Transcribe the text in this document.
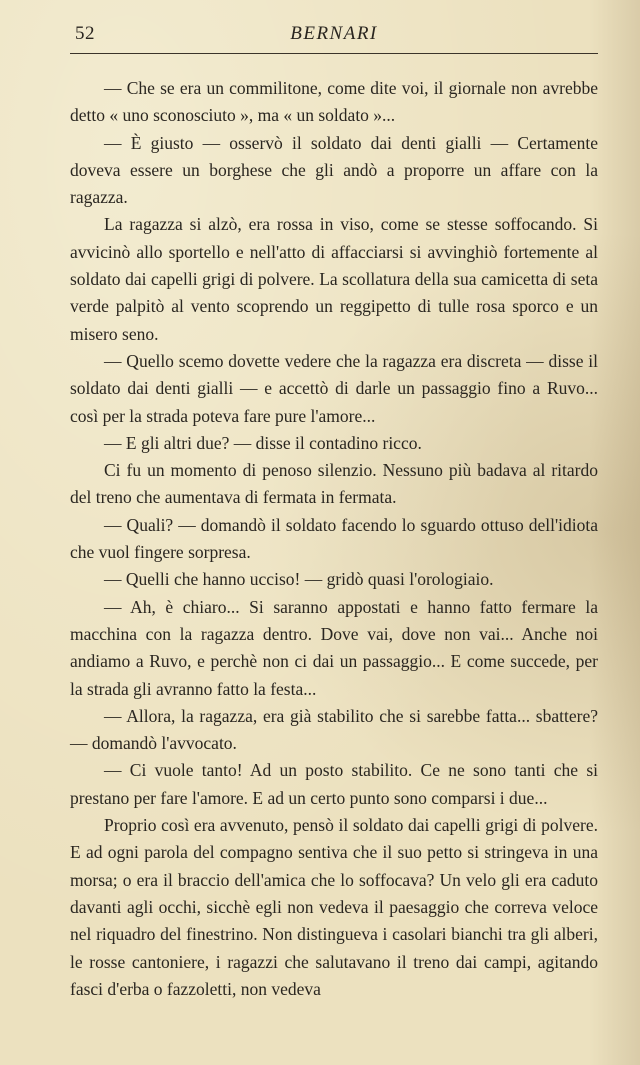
52	BERNARI

— Che se era un commilitone, come dite voi, il giornale non avrebbe detto « uno sconosciuto », ma « un soldato »...

— È giusto — osservò il soldato dai denti gialli — Certamente doveva essere un borghese che gli andò a proporre un affare con la ragazza.

La ragazza si alzò, era rossa in viso, come se stesse soffocando. Si avvicinò allo sportello e nell'atto di affacciarsi si avvinghiò fortemente al soldato dai capelli grigi di polvere. La scollatura della sua camicetta di seta verde palpitò al vento scoprendo un reggipetto di tulle rosa sporco e un misero seno.

— Quello scemo dovette vedere che la ragazza era discreta — disse il soldato dai denti gialli — e accettò di darle un passaggio fino a Ruvo... così per la strada poteva fare pure l'amore...

— E gli altri due? — disse il contadino ricco.

Ci fu un momento di penoso silenzio. Nessuno più badava al ritardo del treno che aumentava di fermata in fermata.

— Quali? — domandò il soldato facendo lo sguardo ottuso dell'idiota che vuol fingere sorpresa.

— Quelli che hanno ucciso! — gridò quasi l'orologiaio.

— Ah, è chiaro... Si saranno appostati e hanno fatto fermare la macchina con la ragazza dentro. Dove vai, dove non vai... Anche noi andiamo a Ruvo, e perchè non ci dai un passaggio... E come succede, per la strada gli avranno fatto la festa...

— Allora, la ragazza, era già stabilito che si sarebbe fatta... sbattere? — domandò l'avvocato.

— Ci vuole tanto! Ad un posto stabilito. Ce ne sono tanti che si prestano per fare l'amore. E ad un certo punto sono comparsi i due...

Proprio così era avvenuto, pensò il soldato dai capelli grigi di polvere. E ad ogni parola del compagno sentiva che il suo petto si stringeva in una morsa; o era il braccio dell'amica che lo soffocava? Un velo gli era caduto davanti agli occhi, sicchè egli non vedeva il paesaggio che correva veloce nel riquadro del finestrino. Non distingueva i casolari bianchi tra gli alberi, le rosse cantoniere, i ragazzi che salutavano il treno dai campi, agitando fasci d'erba o fazzoletti, non vedeva
